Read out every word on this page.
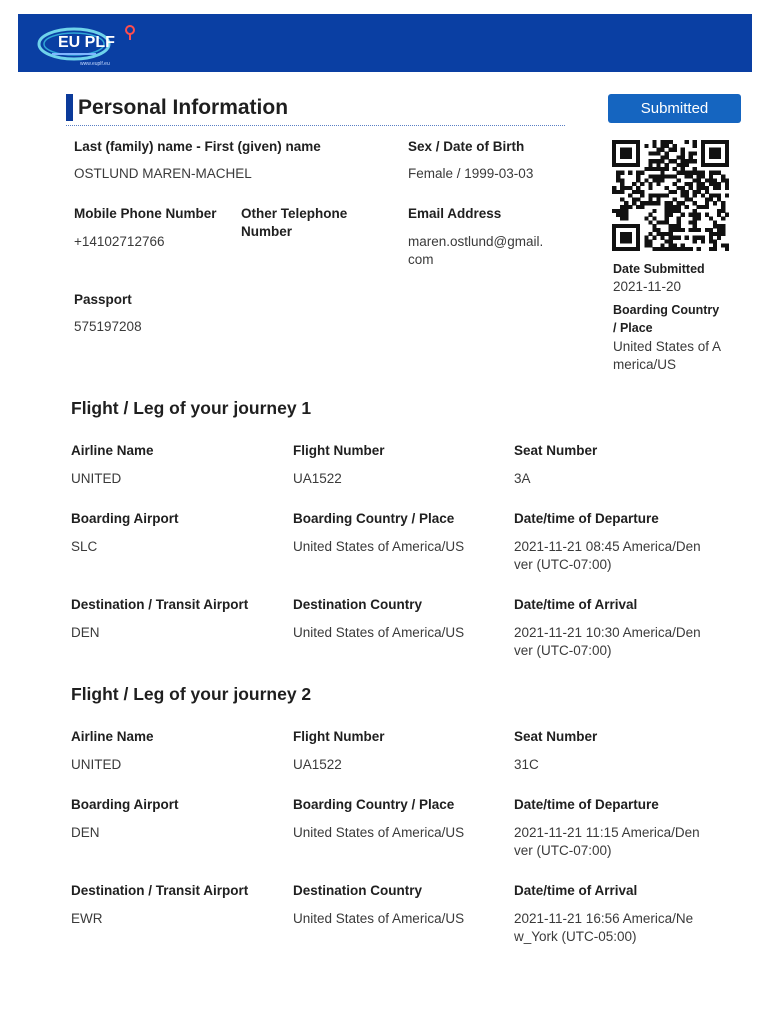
EU PLF
www.euplf.eu
Personal Information	Submitted
Last (family) name - First (given) name
OSTLUND MAREN-MACHEL
Sex / Date of Birth
Female / 1999-03-03
Mobile Phone Number
+14102712766
Other Telephone
Number
Email Address
maren.ostlund@gmail.
com
Passport
575197208
Date Submitted
2021-11-20
Boarding Country
/ Place
United States of A
merica/US
Flight / Leg of your journey 1
Airline Name
UNITED
Flight Number
UA1522
Seat Number
3A
Boarding Airport
SLC
Boarding Country / Place
United States of America/US
Date/time of Departure
2021-11-21 08:45 America/Den
ver (UTC-07:00)
Destination / Transit Airport
DEN
Destination Country
United States of America/US
Date/time of Arrival
2021-11-21 10:30 America/Den
ver (UTC-07:00)
Flight / Leg of your journey 2
Airline Name
UNITED
Flight Number
UA1522
Seat Number
31C
Boarding Airport
DEN
Boarding Country / Place
United States of America/US
Date/time of Departure
2021-11-21 11:15 America/Den
ver (UTC-07:00)
Destination / Transit Airport
EWR
Destination Country
United States of America/US
Date/time of Arrival
2021-11-21 16:56 America/Ne
w_York (UTC-05:00)
